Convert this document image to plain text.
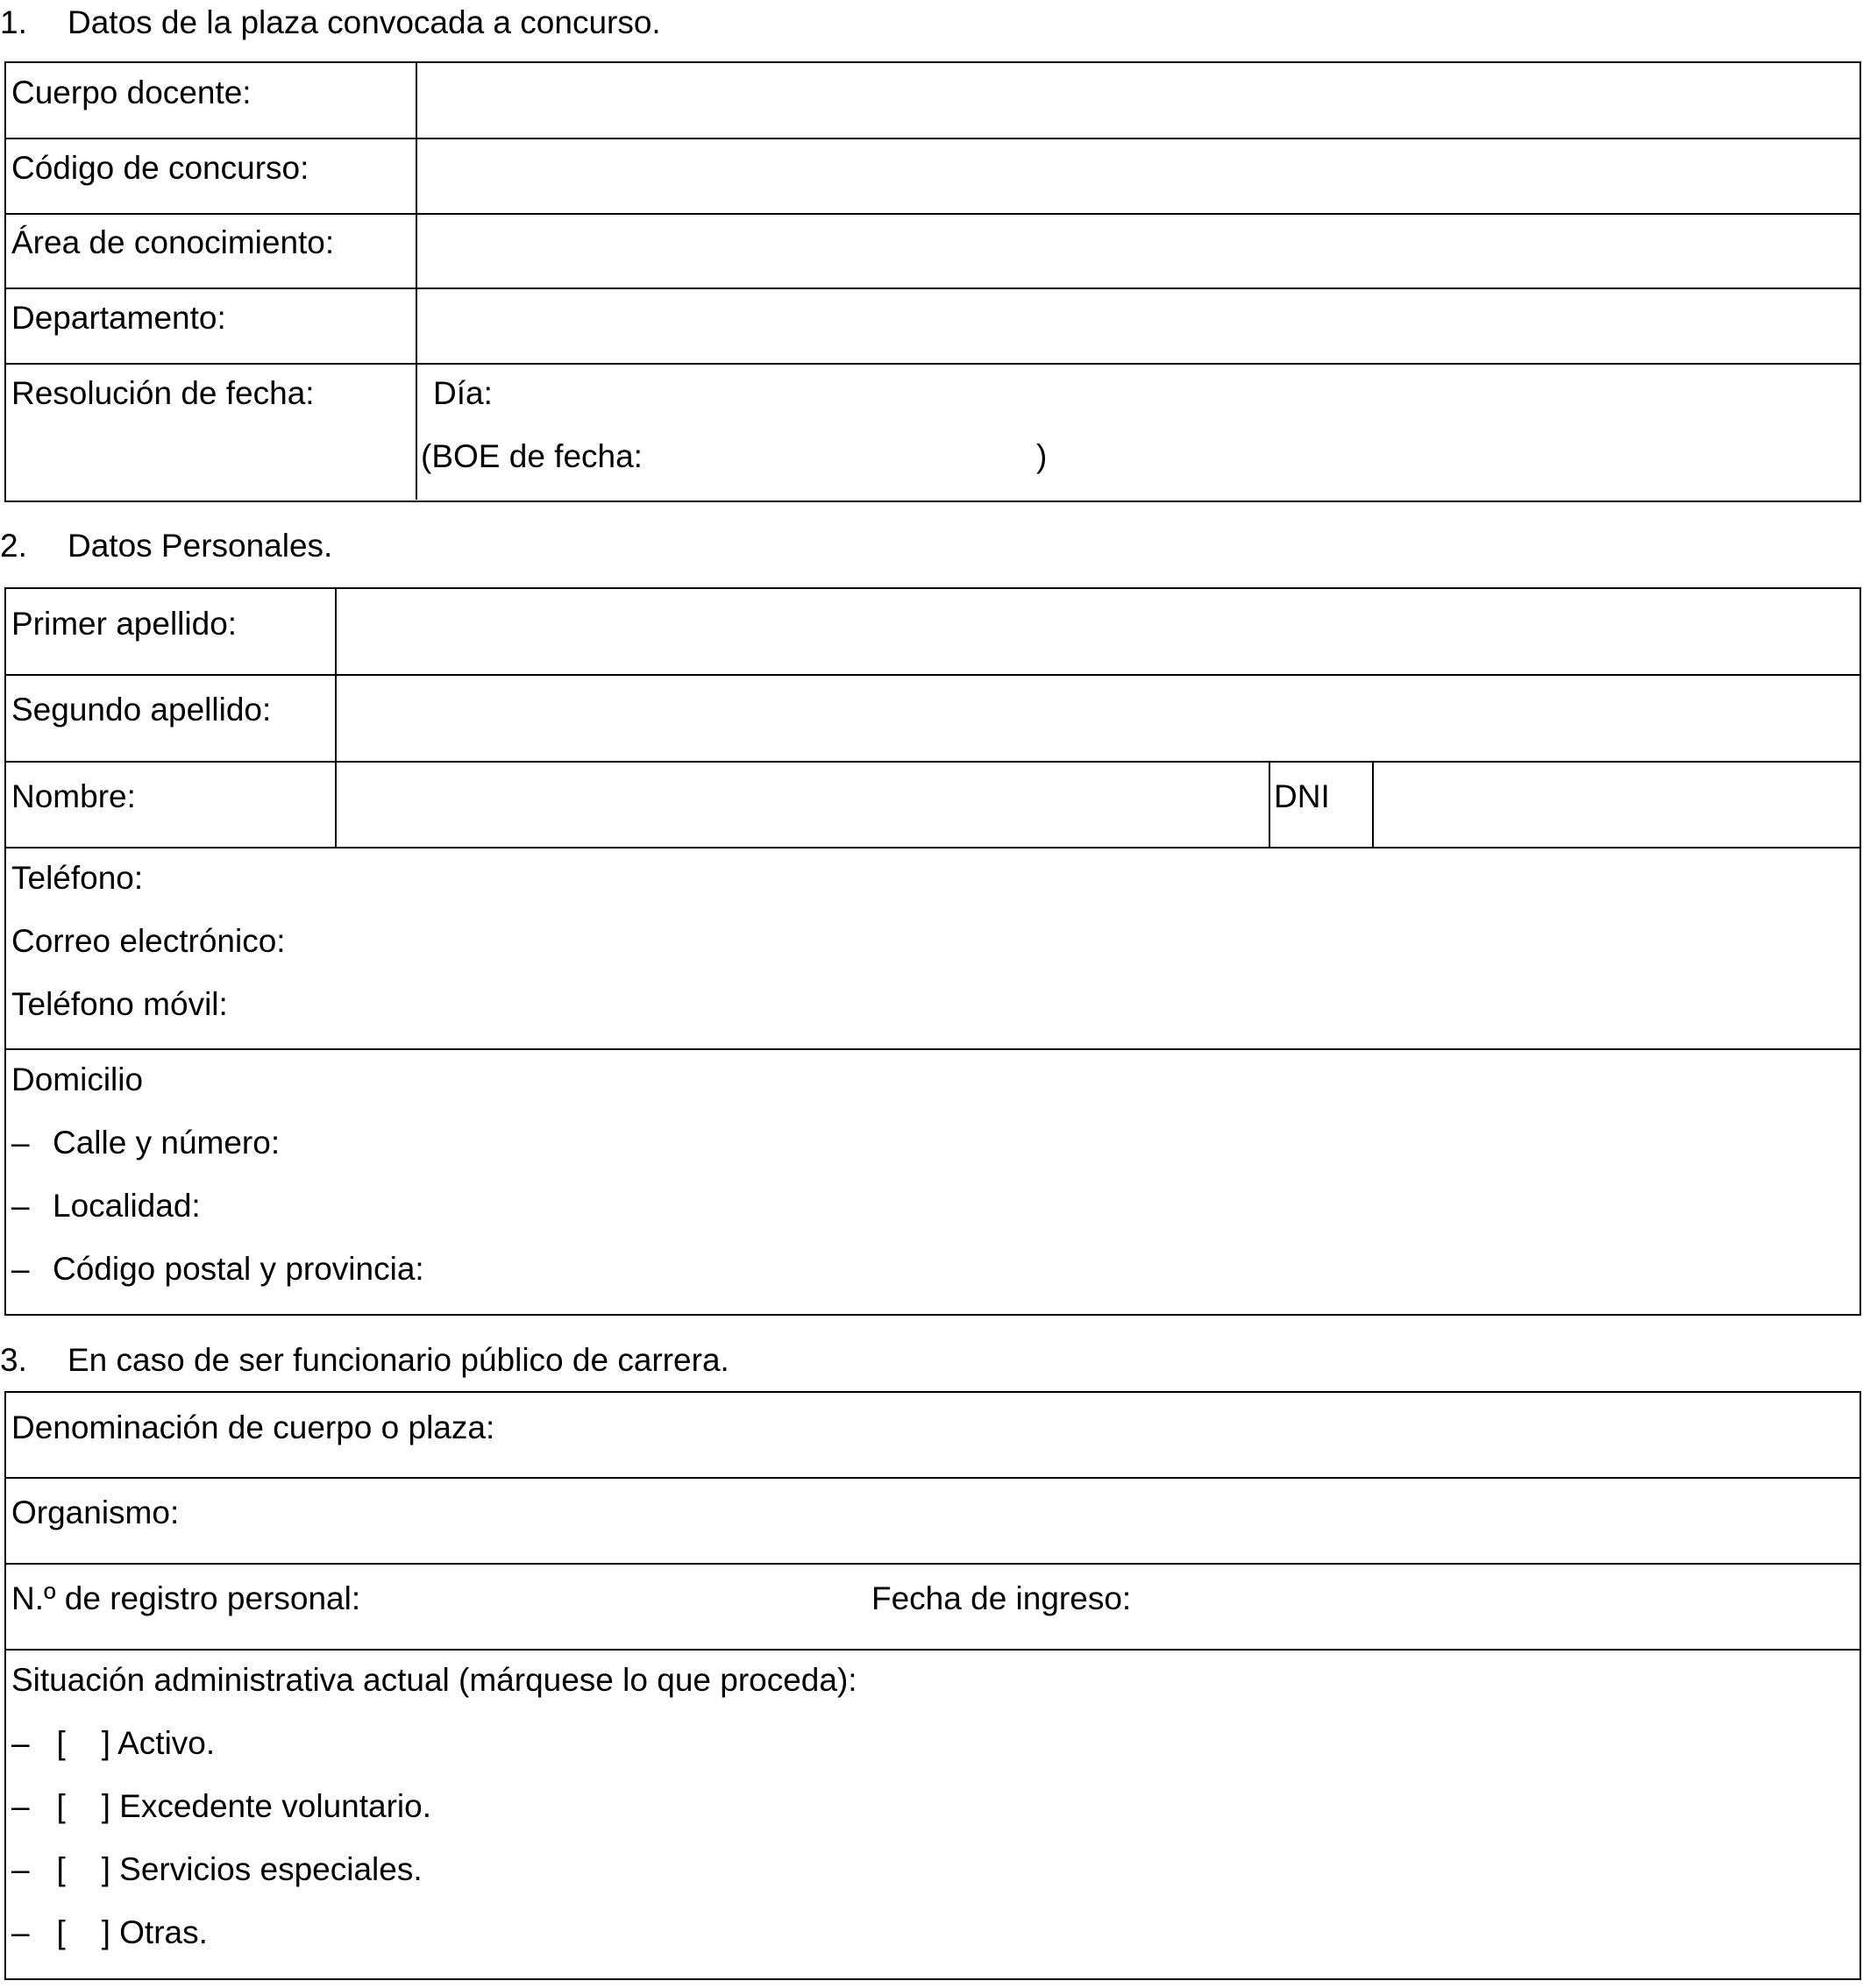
1. Datos de la plaza convocada a concurso.
Cuerpo docente:
Código de concurso:
Área de conocimiento:
Departamento:
Resolución de fecha:	Día:
(BOE de fecha:	)
2. Datos Personales.
Primer apellido:
Segundo apellido:
Nombre:	DNI
Teléfono:
Correo electrónico:
Teléfono móvil:
Domicilio
– Calle y número:
– Localidad:
– Código postal y provincia:
3. En caso de ser funcionario público de carrera.
Denominación de cuerpo o plaza:
Organismo:
N.º de registro personal:	Fecha de ingreso:
Situación administrativa actual (márquese lo que proceda):
– [ ] Activo.
– [ ] Excedente voluntario.
– [ ] Servicios especiales.
– [ ] Otras.
